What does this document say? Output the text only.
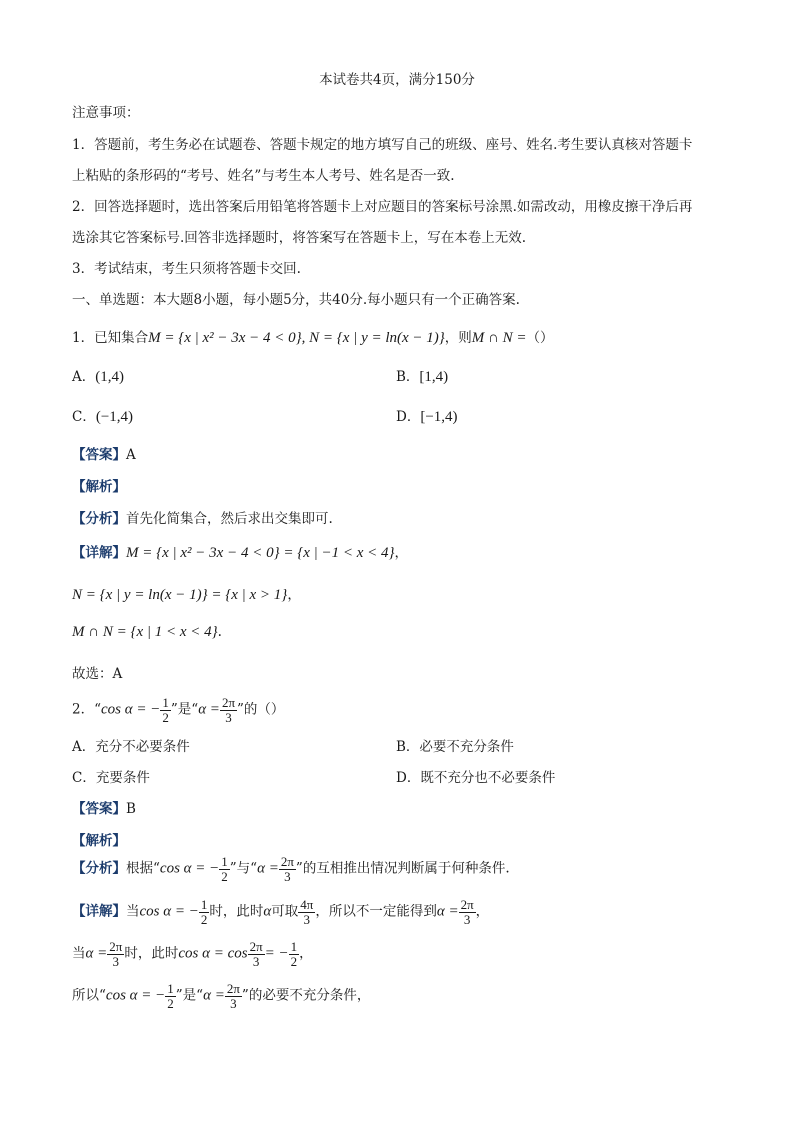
本试卷共4页，满分150分
注意事项：
1．答题前，考生务必在试题卷、答题卡规定的地方填写自己的班级、座号、姓名.考生要认真核对答题卡
上粘贴的条形码的“考号、姓名”与考生本人考号、姓名是否一致.
2．回答选择题时，选出答案后用铅笔将答题卡上对应题目的答案标号涂黑.如需改动，用橡皮擦干净后再
选涂其它答案标号.回答非选择题时，将答案写在答题卡上，写在本卷上无效.
3．考试结束，考生只须将答题卡交回.
一、单选题：本大题8小题，每小题5分，共40分.每小题只有一个正确答案.
1．已知集合M = {x | x² − 3x − 4 < 0}, N = {x | y = ln(x − 1)}，则M ∩ N =（）
A．(1,4)	B．[1,4)
C．(−1,4)	D．[−1,4)
【答案】A
【解析】
【分析】首先化简集合，然后求出交集即可.
【详解】M = {x | x² − 3x − 4 < 0} = {x | −1 < x < 4}，
N = {x | y = ln(x − 1)} = {x | x > 1}，
M ∩ N = {x | 1 < x < 4}.
故选：A
2．“cos α = − $\frac{1}{2}$ ”是“$\alpha = \frac{2\pi}{3}$ ”的（）
A．充分不必要条件	B．必要不充分条件
C．充要条件	D．既不充分也不必要条件
【答案】B
【解析】
【分析】根据“cos α = − $\frac{1}{2}$ ”与“$\alpha = \frac{2\pi}{3}$ ”的互相推出情况判断属于何种条件.
【详解】当cos α = − $\frac{1}{2}$ 时，此时α可取 $\frac{4\pi}{3}$ ，所以不一定能得到$\alpha = \frac{2\pi}{3}$ ，
当$\alpha = \frac{2\pi}{3}$ 时，此时$\cos \alpha = \cos \frac{2\pi}{3}$ = − $\frac{1}{2}$ ，
所以“cos α = − $\frac{1}{2}$ ”是“$\alpha = \frac{2\pi}{3}$ ”的必要不充分条件，
